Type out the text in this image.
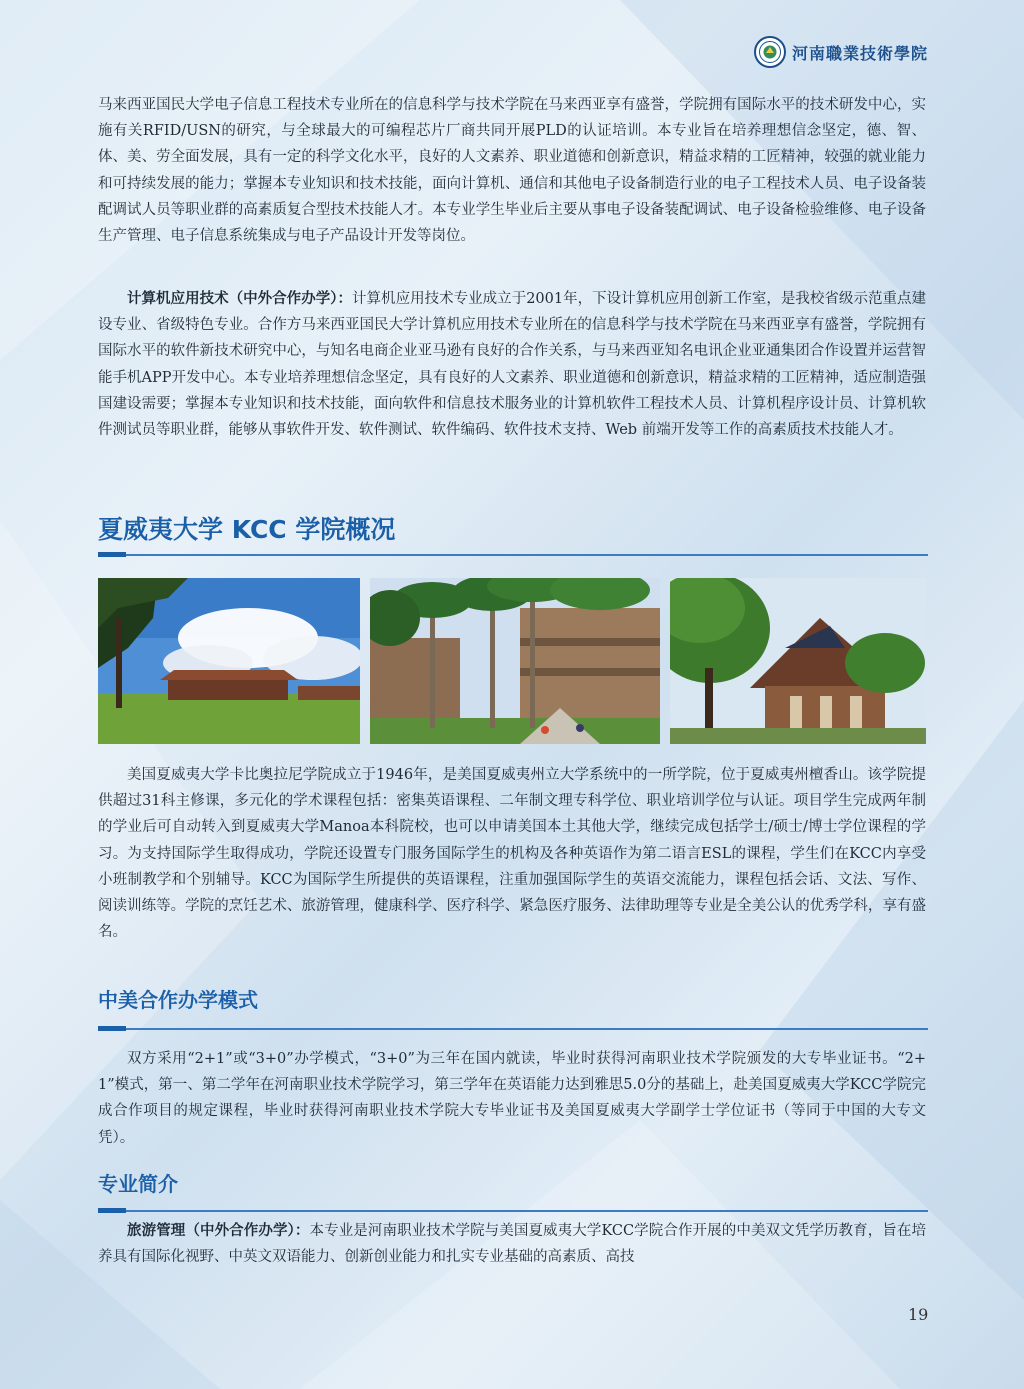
河南職業技術學院

马来西亚国民大学电子信息工程技术专业所在的信息科学与技术学院在马来西亚享有盛誉，学院拥有国际水平的技术研发中心，实施有关RFID/USN的研究，与全球最大的可编程芯片厂商共同开展PLD的认证培训。本专业旨在培养理想信念坚定，德、智、体、美、劳全面发展，具有一定的科学文化水平，良好的人文素养、职业道德和创新意识，精益求精的工匠精神，较强的就业能力和可持续发展的能力；掌握本专业知识和技术技能，面向计算机、通信和其他电子设备制造行业的电子工程技术人员、电子设备装配调试人员等职业群的高素质复合型技术技能人才。本专业学生毕业后主要从事电子设备装配调试、电子设备检验维修、电子设备生产管理、电子信息系统集成与电子产品设计开发等岗位。

计算机应用技术（中外合作办学）：计算机应用技术专业成立于2001年，下设计算机应用创新工作室，是我校省级示范重点建设专业、省级特色专业。合作方马来西亚国民大学计算机应用技术专业所在的信息科学与技术学院在马来西亚享有盛誉，学院拥有国际水平的软件新技术研究中心，与知名电商企业亚马逊有良好的合作关系，与马来西亚知名电讯企业亚通集团合作设置并运营智能手机APP开发中心。本专业培养理想信念坚定，具有良好的人文素养、职业道德和创新意识，精益求精的工匠精神，适应制造强国建设需要；掌握本专业知识和技术技能，面向软件和信息技术服务业的计算机软件工程技术人员、计算机程序设计员、计算机软件测试员等职业群，能够从事软件开发、软件测试、软件编码、软件技术支持、Web 前端开发等工作的高素质技术技能人才。

夏威夷大学 KCC 学院概况

美国夏威夷大学卡比奥拉尼学院成立于1946年，是美国夏威夷州立大学系统中的一所学院，位于夏威夷州檀香山。该学院提供超过31科主修课，多元化的学术课程包括：密集英语课程、二年制文理专科学位、职业培训学位与认证。项目学生完成两年制的学业后可自动转入到夏威夷大学Manoa本科院校，也可以申请美国本土其他大学，继续完成包括学士/硕士/博士学位课程的学习。为支持国际学生取得成功，学院还设置专门服务国际学生的机构及各种英语作为第二语言ESL的课程，学生们在KCC内享受小班制教学和个别辅导。KCC为国际学生所提供的英语课程，注重加强国际学生的英语交流能力，课程包括会话、文法、写作、阅读训练等。学院的烹饪艺术、旅游管理，健康科学、医疗科学、紧急医疗服务、法律助理等专业是全美公认的优秀学科，享有盛名。

中美合作办学模式

双方采用“2+1”或“3+0”办学模式，“3+0”为三年在国内就读，毕业时获得河南职业技术学院颁发的大专毕业证书。“2+1”模式，第一、第二学年在河南职业技术学院学习，第三学年在英语能力达到雅思5.0分的基础上，赴美国夏威夷大学KCC学院完成合作项目的规定课程，毕业时获得河南职业技术学院大专毕业证书及美国夏威夷大学副学士学位证书（等同于中国的大专文凭）。

专业简介

旅游管理（中外合作办学）：本专业是河南职业技术学院与美国夏威夷大学KCC学院合作开展的中美双文凭学历教育，旨在培养具有国际化视野、中英文双语能力、创新创业能力和扎实专业基础的高素质、高技

19
